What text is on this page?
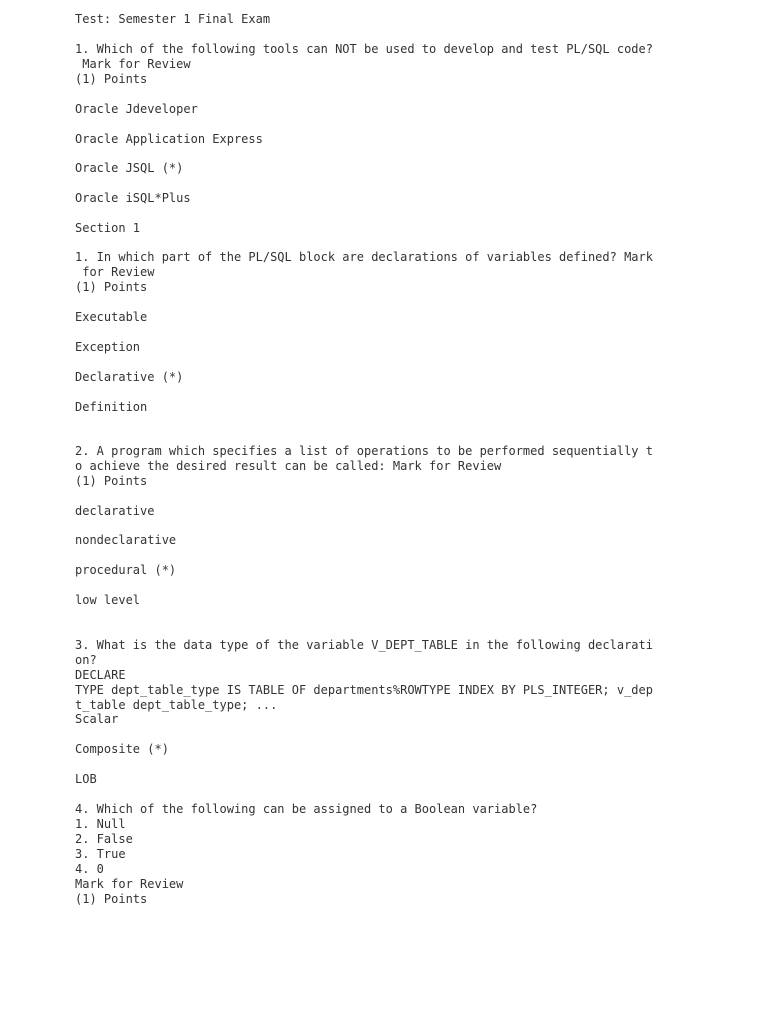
Test: Semester 1 Final Exam

1. Which of the following tools can NOT be used to develop and test PL/SQL code?

Mark for Review

(1) Points

Oracle Jdeveloper

Oracle Application Express

Oracle JSQL (*)

Oracle iSQL*Plus

Section 1

1. In which part of the PL/SQL block are declarations of variables defined? Mark

for Review

(1) Points

Executable

Exception

Declarative (*)

Definition

2. A program which specifies a list of operations to be performed sequentially t

o achieve the desired result can be called: Mark for Review

(1) Points

declarative

nondeclarative

procedural (*)

low level

3. What is the data type of the variable V_DEPT_TABLE in the following declarati

on?

DECLARE

TYPE dept_table_type IS TABLE OF departments%ROWTYPE INDEX BY PLS_INTEGER; v_dep

t_table dept_table_type; ...

Scalar

Composite (*)

LOB

4. Which of the following can be assigned to a Boolean variable?

1. Null

2. False

3. True

4. 0

Mark for Review

(1) Points
